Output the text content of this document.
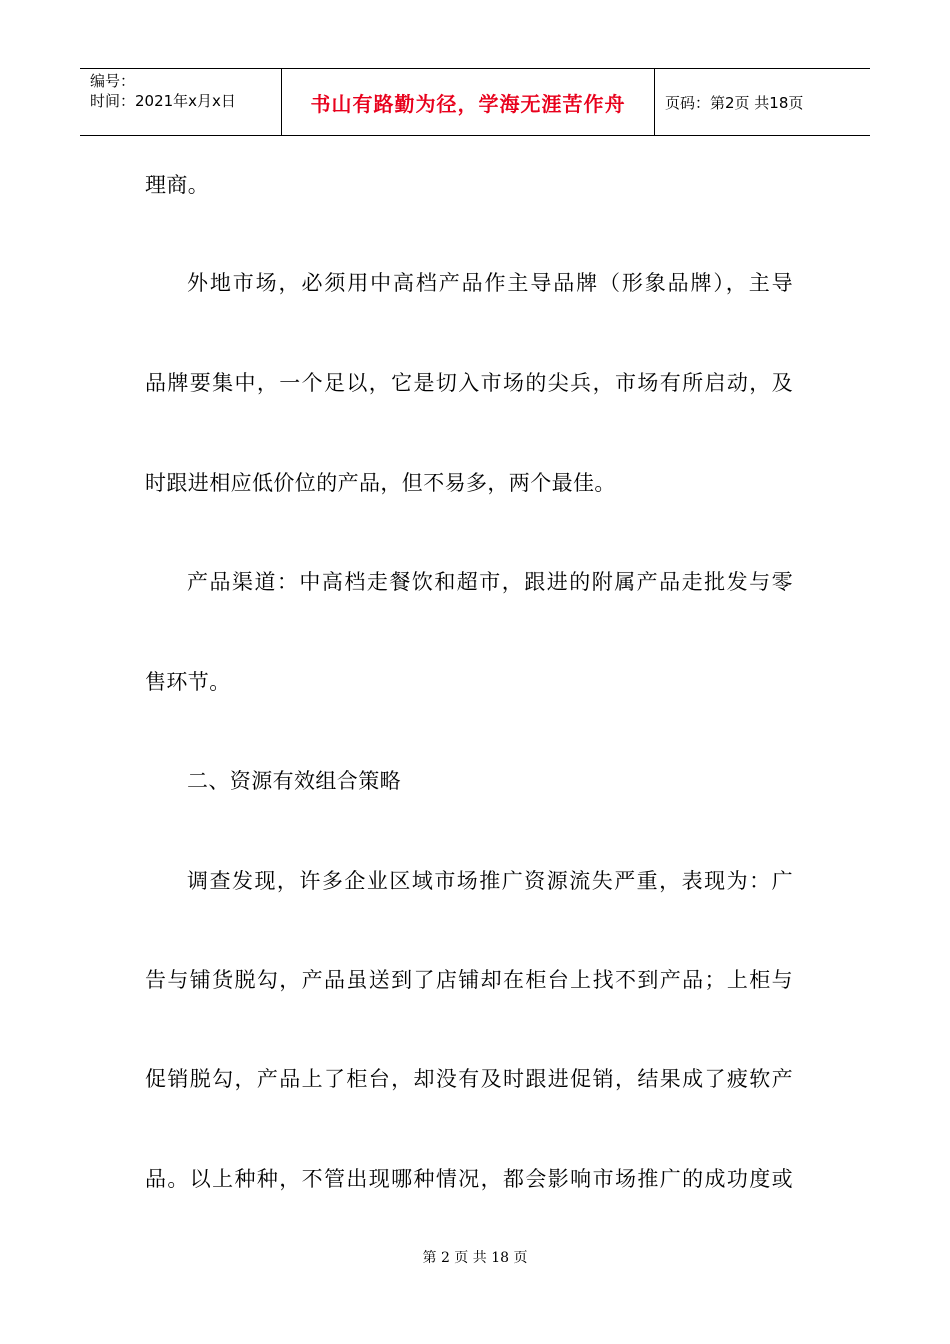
编号：
时间：2021年x月x日	书山有路勤为径，学海无涯苦作舟	页码：第2页 共18页
理商。
外地市场，必须用中高档产品作主导品牌（形象品牌），主导
品牌要集中，一个足以，它是切入市场的尖兵，市场有所启动，及
时跟进相应低价位的产品，但不易多，两个最佳。
产品渠道：中高档走餐饮和超市，跟进的附属产品走批发与零
售环节。
二、资源有效组合策略
调查发现，许多企业区域市场推广资源流失严重，表现为：广
告与铺货脱勾，产品虽送到了店铺却在柜台上找不到产品；上柜与
促销脱勾，产品上了柜台，却没有及时跟进促销，结果成了疲软产
品。以上种种，不管出现哪种情况，都会影响市场推广的成功度或
第 2 页 共 18 页
